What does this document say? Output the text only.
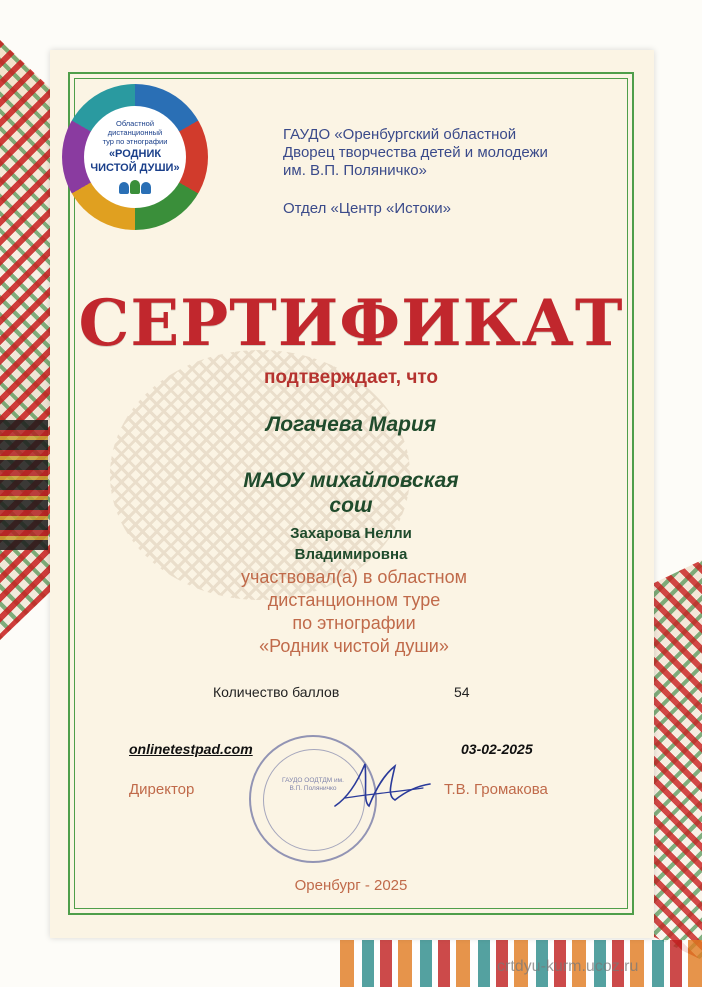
Областной
дистанционный
тур по этнографии
«РОДНИК
ЧИСТОЙ ДУШИ»
ГАУДО «Оренбургский областной
Дворец творчества детей и молодежи
им. В.П. Поляничко»
Отдел «Центр «Истоки»
СЕРТИФИКАТ
подтверждает, что
Логачева Мария
МАОУ михайловская
сош
Захарова Нелли
Владимировна
участвовал(а) в областном
дистанционном туре
по этнографии
«Родник чистой души»
Количество баллов	54
onlinetestpad.com	03-02-2025
ГАУДО ООДТДМ им. В.П. Поляничко
Директор	Т.В. Громакова
Оренбург - 2025
crtdyu-kurm.ucoz.ru
